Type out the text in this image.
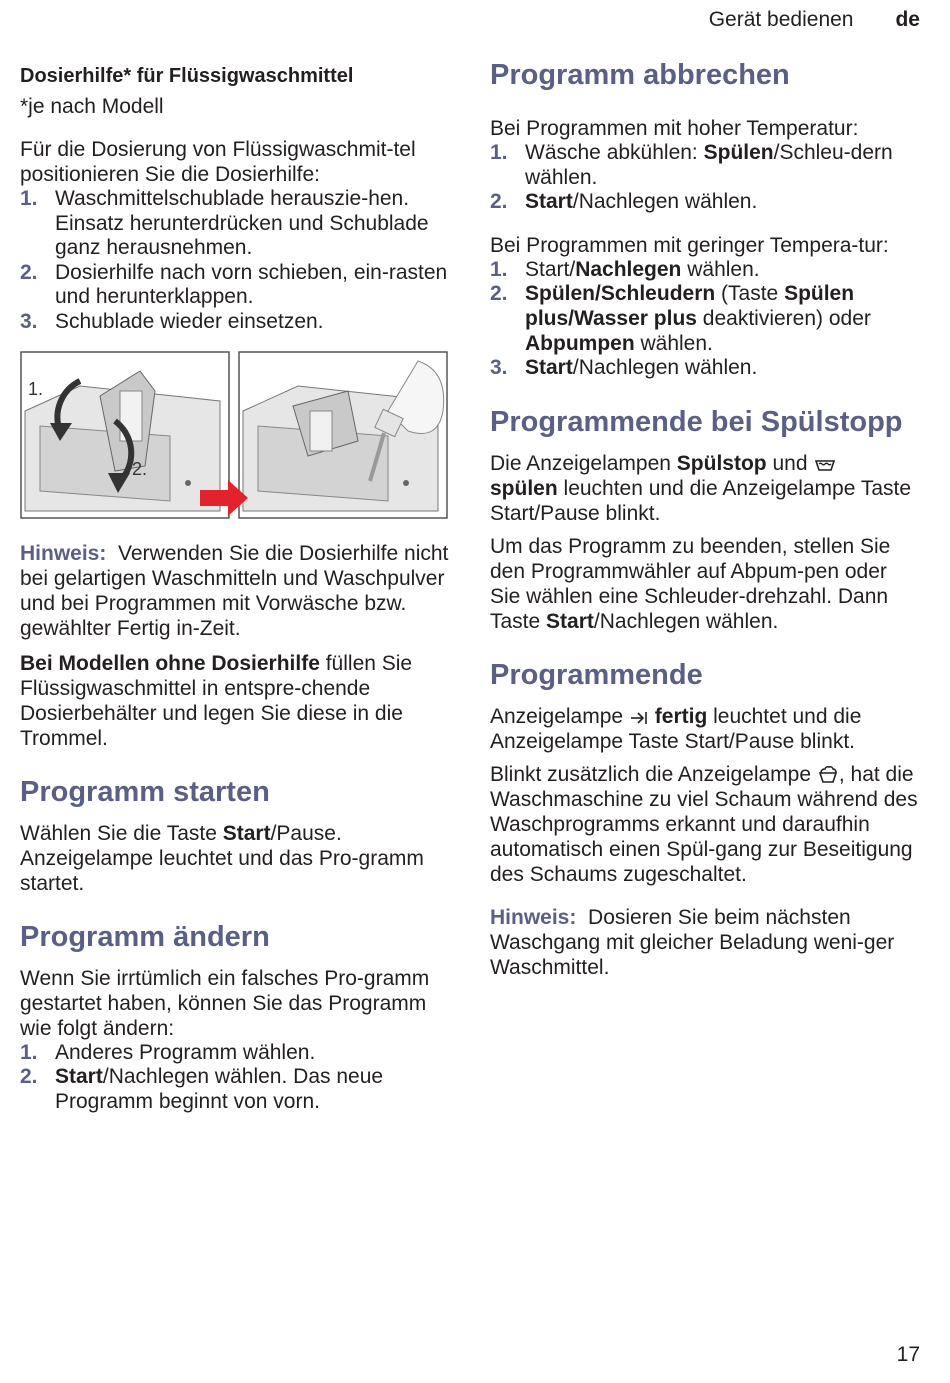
Gerät bedienen de
Dosierhilfe* für Flüssigwaschmittel

*je nach Modell

Für die Dosierung von Flüssigwaschmit-tel positionieren Sie die Dosierhilfe:

1. Waschmittelschublade herauszie-hen. Einsatz herunterdrücken und Schublade ganz herausnehmen.
2. Dosierhilfe nach vorn schieben, ein-rasten und herunterklappen.
3. Schublade wieder einsetzen.
1.
2.

Hinweis: Verwenden Sie die Dosierhilfe nicht bei gelartigen Waschmitteln und Waschpulver und bei Programmen mit Vorwäsche bzw. gewählter Fertig in-Zeit.

Bei Modellen ohne Dosierhilfe füllen Sie Flüssigwaschmittel in entspre-chende Dosierbehälter und legen Sie diese in die Trommel.

Programm starten

Wählen Sie die Taste Start/Pause. Anzeigelampe leuchtet und das Pro-gramm startet.

Programm ändern

Wenn Sie irrtümlich ein falsches Pro-gramm gestartet haben, können Sie das Programm wie folgt ändern:

1. Anderes Programm wählen.
2. Start/Nachlegen wählen. Das neue Programm beginnt von vorn.
Programm abbrechen

Bei Programmen mit hoher Temperatur:

1. Wäsche abkühlen: Spülen/Schleu-dern wählen.
2. Start/Nachlegen wählen.

Bei Programmen mit geringer Tempera-tur:

1. Start/Nachlegen wählen.
2. Spülen/Schleudern (Taste Spülen plus/Wasser plus deaktivieren) oder Abpumpen wählen.
3. Start/Nachlegen wählen.
Programmende bei Spülstopp

Die Anzeigelampen Spülstop und
spülen leuchten und die Anzeigelampe Taste Start/Pause blinkt.

Um das Programm zu beenden, stellen Sie den Programmwähler auf Abpum-pen oder Sie wählen eine Schleuder-drehzahl. Dann Taste Start/Nachlegen wählen.

Programmende

Anzeigelampe  fertig leuchtet und die Anzeigelampe Taste Start/Pause blinkt.

Blinkt zusätzlich die Anzeigelampe , hat die Waschmaschine zu viel Schaum während des Waschprogramms erkannt und daraufhin automatisch einen Spül-gang zur Beseitigung des Schaums zugeschaltet.

Hinweis: Dosieren Sie beim nächsten Waschgang mit gleicher Beladung weni-ger Waschmittel.

17
